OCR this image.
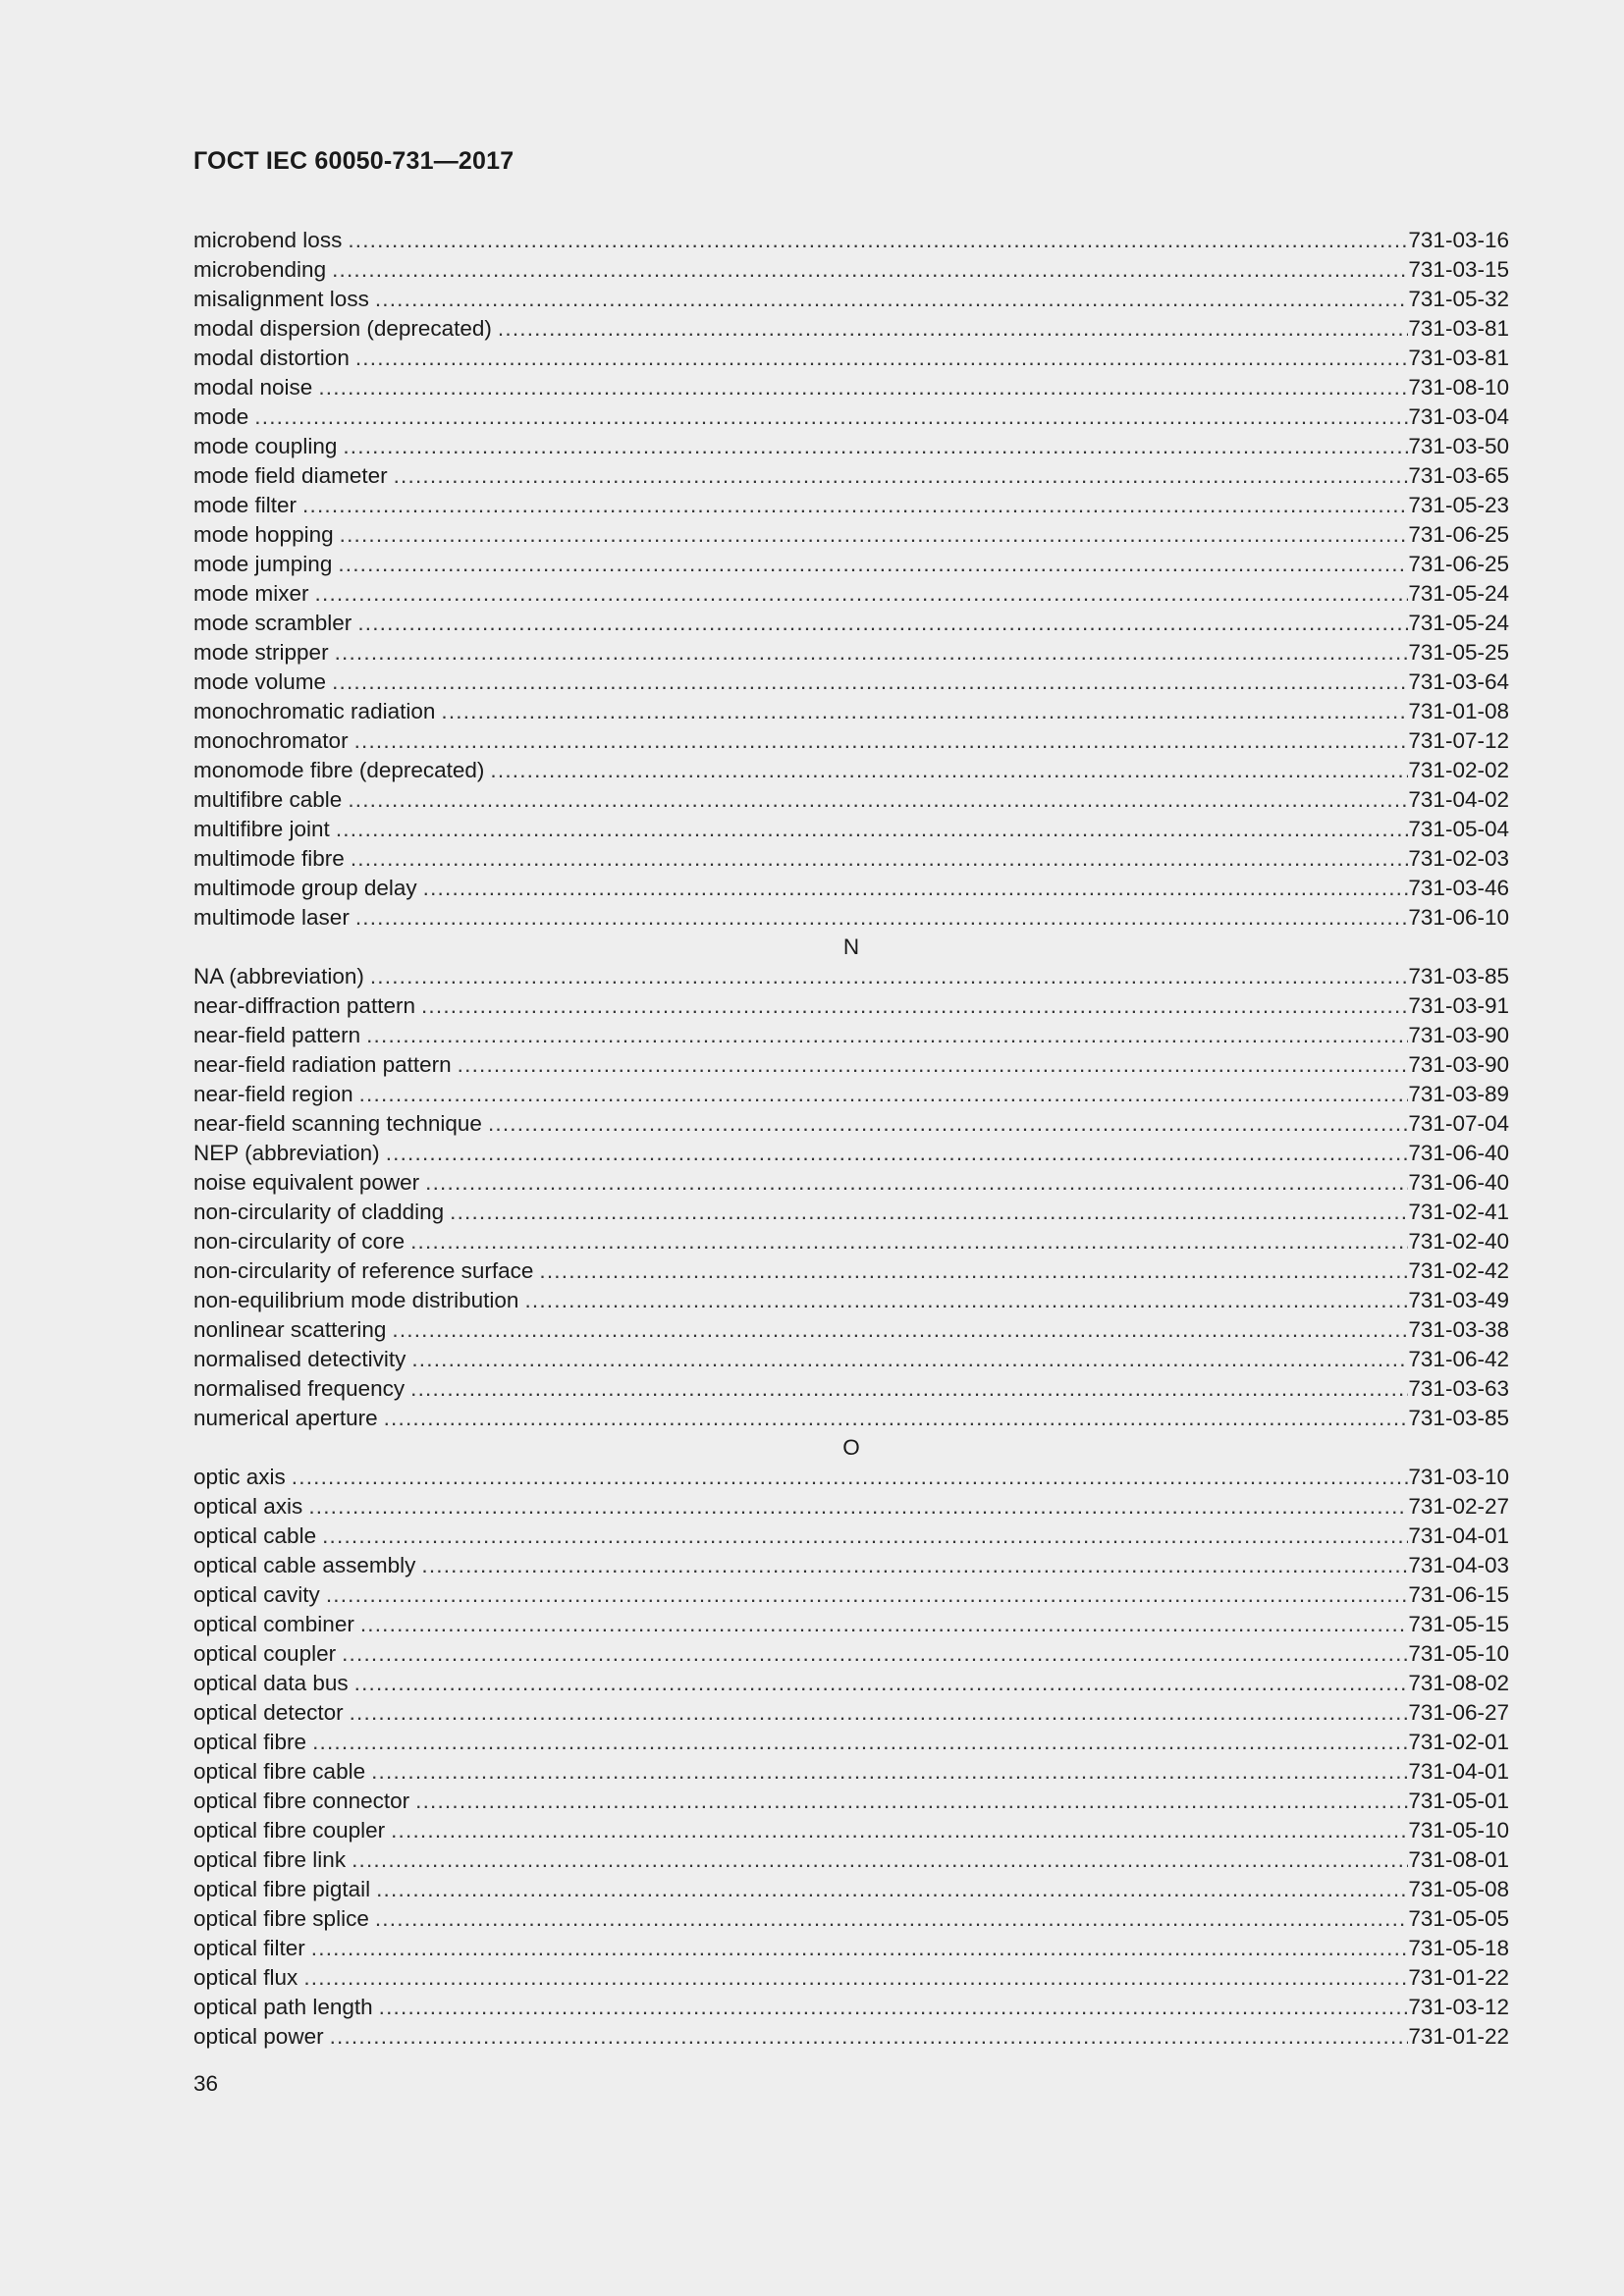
ГОСТ IEC 60050-731—2017
microbend loss .....	731-03-16
microbending .....	731-03-15
misalignment loss .....	731-05-32
modal dispersion (deprecated) .....	731-03-81
modal distortion .....	731-03-81
modal noise .....	731-08-10
mode .....	731-03-04
mode coupling .....	731-03-50
mode field diameter .....	731-03-65
mode filter .....	731-05-23
mode hopping .....	731-06-25
mode jumping .....	731-06-25
mode mixer .....	731-05-24
mode scrambler .....	731-05-24
mode stripper .....	731-05-25
mode volume .....	731-03-64
monochromatic radiation .....	731-01-08
monochromator .....	731-07-12
monomode fibre (deprecated) .....	731-02-02
multifibre cable .....	731-04-02
multifibre joint .....	731-05-04
multimode fibre .....	731-02-03
multimode group delay .....	731-03-46
multimode laser .....	731-06-10
N
NA (abbreviation) .....	731-03-85
near-diffraction pattern .....	731-03-91
near-field pattern .....	731-03-90
near-field radiation pattern .....	731-03-90
near-field region .....	731-03-89
near-field scanning technique .....	731-07-04
NEP (abbreviation) .....	731-06-40
noise equivalent power .....	731-06-40
non-circularity of cladding .....	731-02-41
non-circularity of core .....	731-02-40
non-circularity of reference surface .....	731-02-42
non-equilibrium mode distribution .....	731-03-49
nonlinear scattering .....	731-03-38
normalised detectivity .....	731-06-42
normalised frequency .....	731-03-63
numerical aperture .....	731-03-85
O
optic axis .....	731-03-10
optical axis .....	731-02-27
optical cable .....	731-04-01
optical cable assembly .....	731-04-03
optical cavity .....	731-06-15
optical combiner .....	731-05-15
optical coupler .....	731-05-10
optical data bus .....	731-08-02
optical detector .....	731-06-27
optical fibre .....	731-02-01
optical fibre cable .....	731-04-01
optical fibre connector .....	731-05-01
optical fibre coupler .....	731-05-10
optical fibre link .....	731-08-01
optical fibre pigtail .....	731-05-08
optical fibre splice .....	731-05-05
optical filter .....	731-05-18
optical flux .....	731-01-22
optical path length .....	731-03-12
optical power .....	731-01-22
36
